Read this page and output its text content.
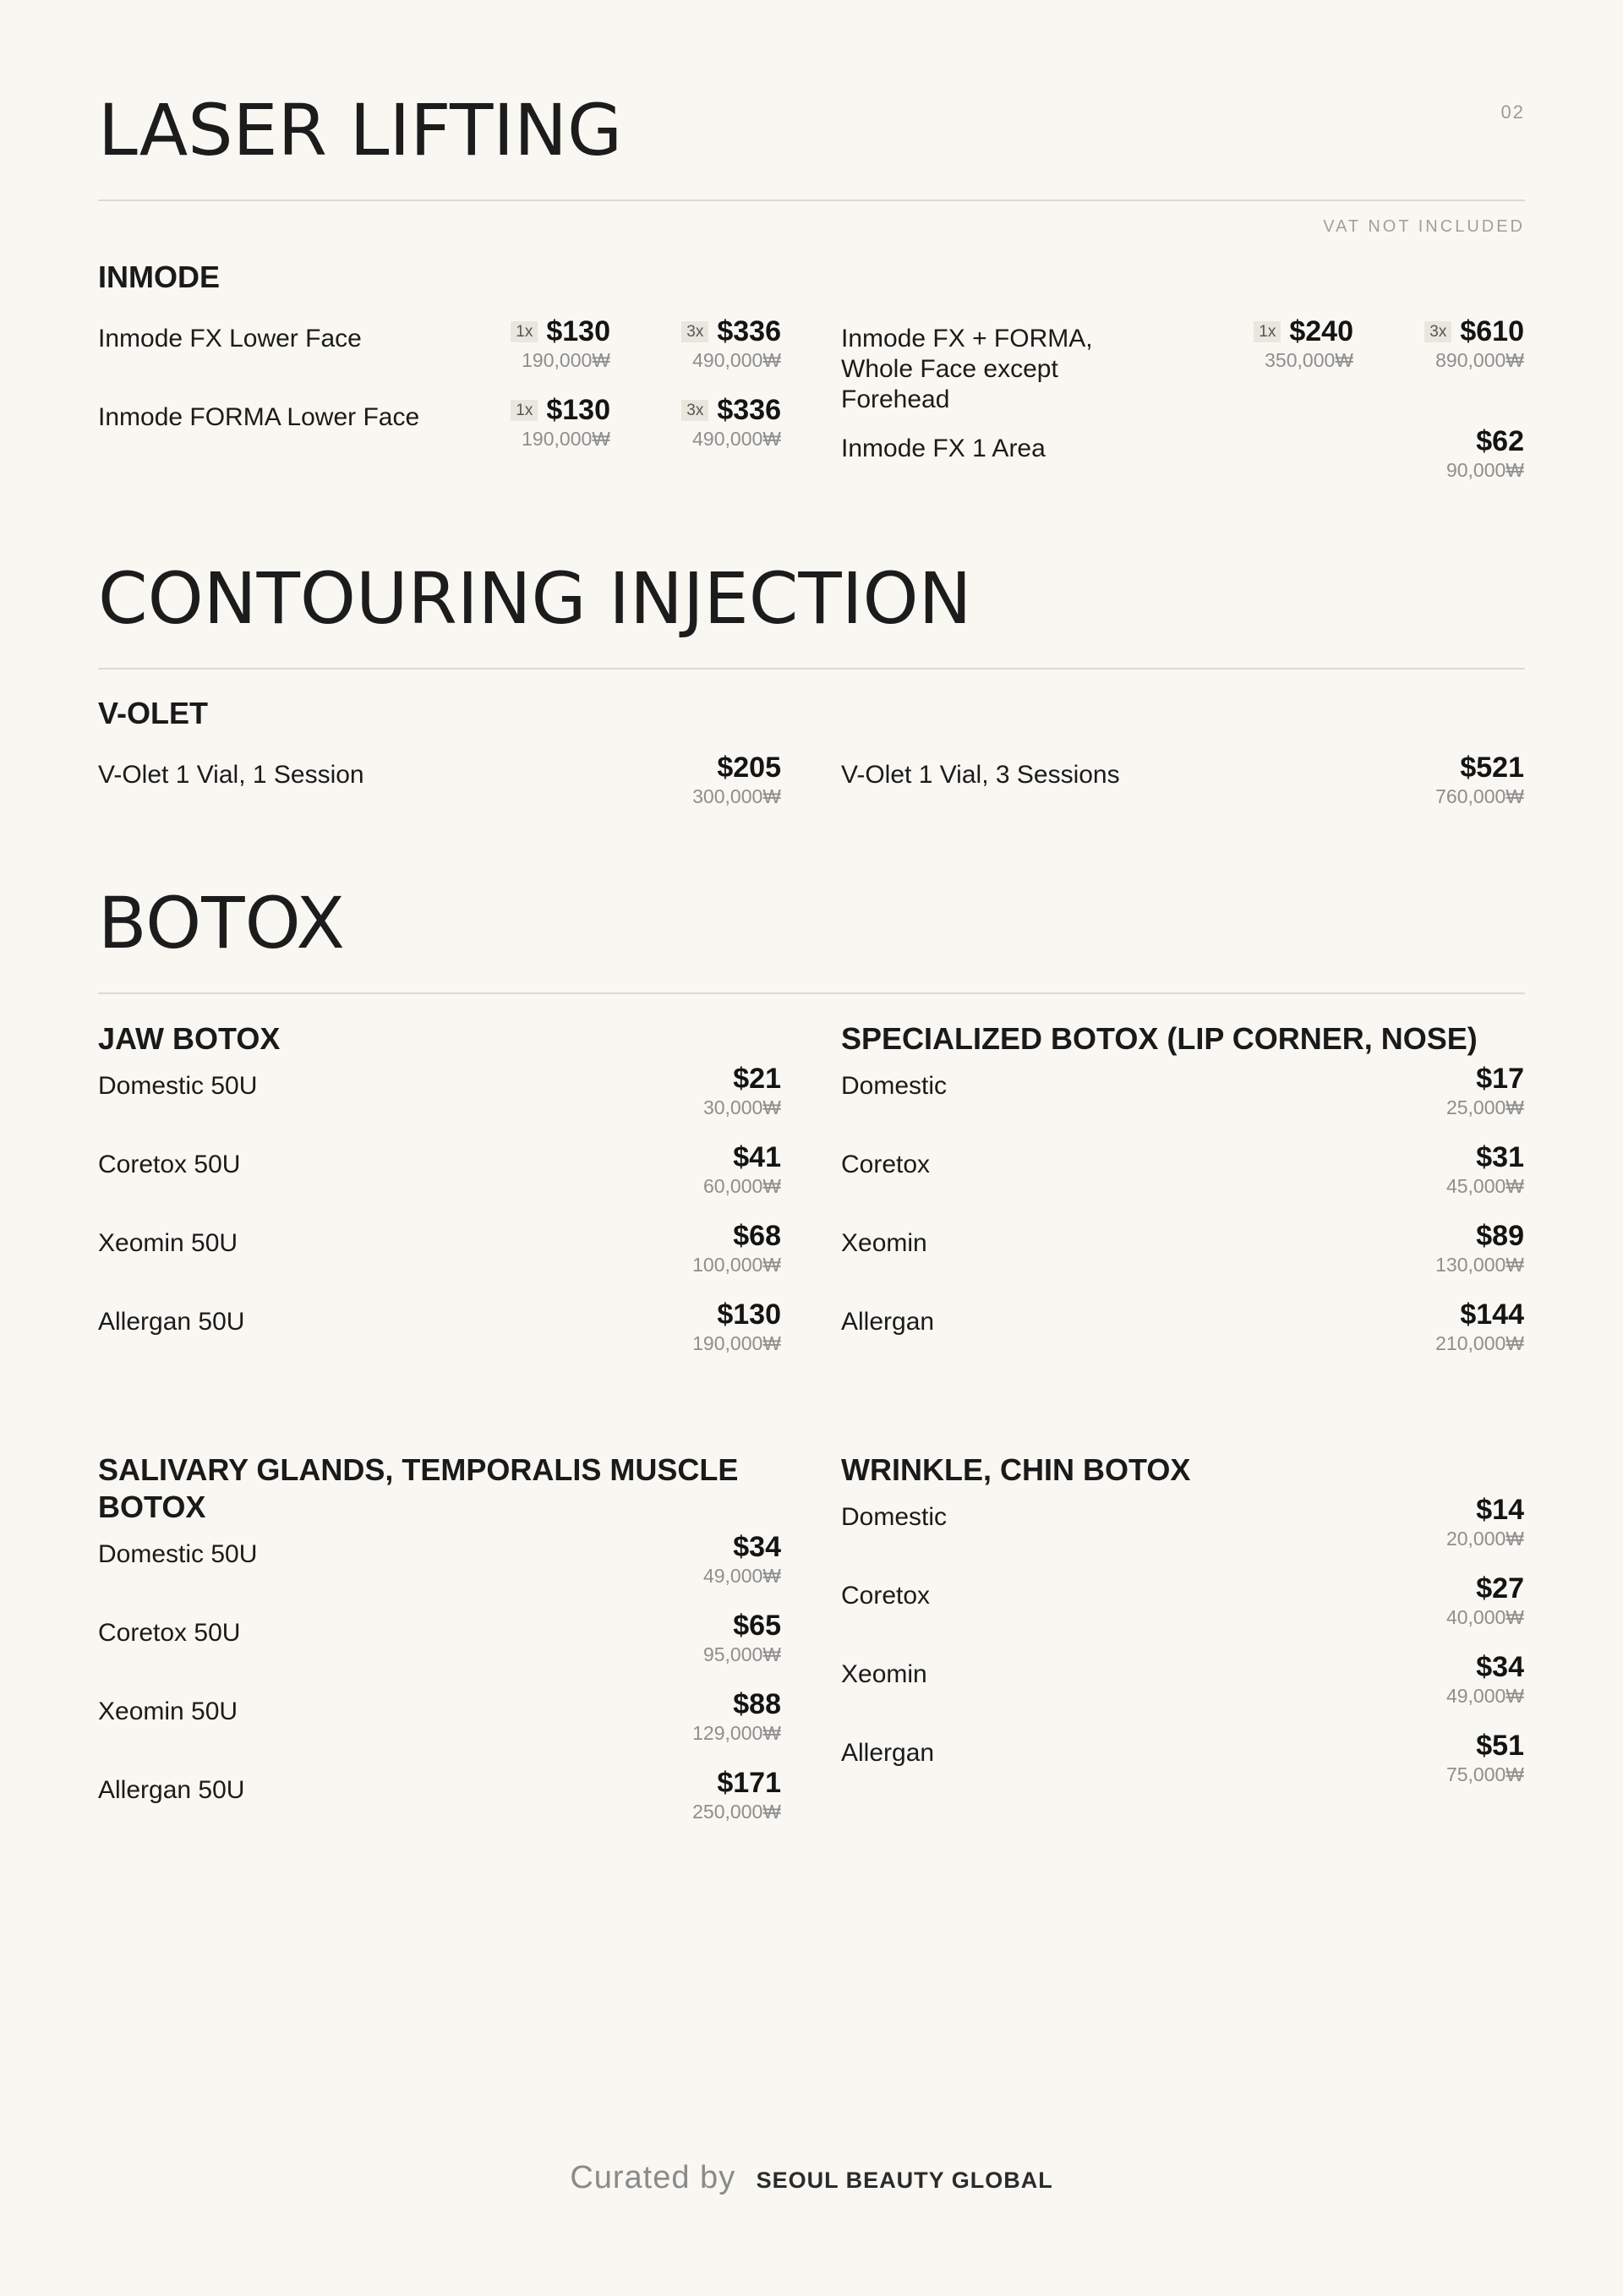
02
LASER LIFTING
VAT NOT INCLUDED
INMODE
Inmode FX Lower Face	1x $130
190,000₩
3x $336
490,000₩
Inmode FORMA Lower Face	1x $130
190,000₩
3x $336
490,000₩
Inmode FX + FORMA, Whole Face except Forehead
1x $240
350,000₩
3x $610
890,000₩
Inmode FX 1 Area	$62
90,000₩
CONTOURING INJECTION
V-OLET
V-Olet 1 Vial, 1 Session	$205
300,000₩
V-Olet 1 Vial, 3 Sessions	$521
760,000₩
BOTOX
JAW BOTOX
Domestic 50U	$21
30,000₩
Coretox 50U	$41
60,000₩
Xeomin 50U	$68
100,000₩
Allergan 50U	$130
190,000₩
SPECIALIZED BOTOX (LIP CORNER, NOSE)
Domestic	$17
25,000₩
Coretox	$31
45,000₩
Xeomin	$89
130,000₩
Allergan	$144
210,000₩
SALIVARY GLANDS, TEMPORALIS MUSCLE BOTOX
Domestic 50U	$34
49,000₩
Coretox 50U	$65
95,000₩
Xeomin 50U	$88
129,000₩
Allergan 50U	$171
250,000₩
WRINKLE, CHIN BOTOX
Domestic	$14
20,000₩
Coretox	$27
40,000₩
Xeomin	$34
49,000₩
Allergan	$51
75,000₩
Curated by SEOUL BEAUTY GLOBAL
